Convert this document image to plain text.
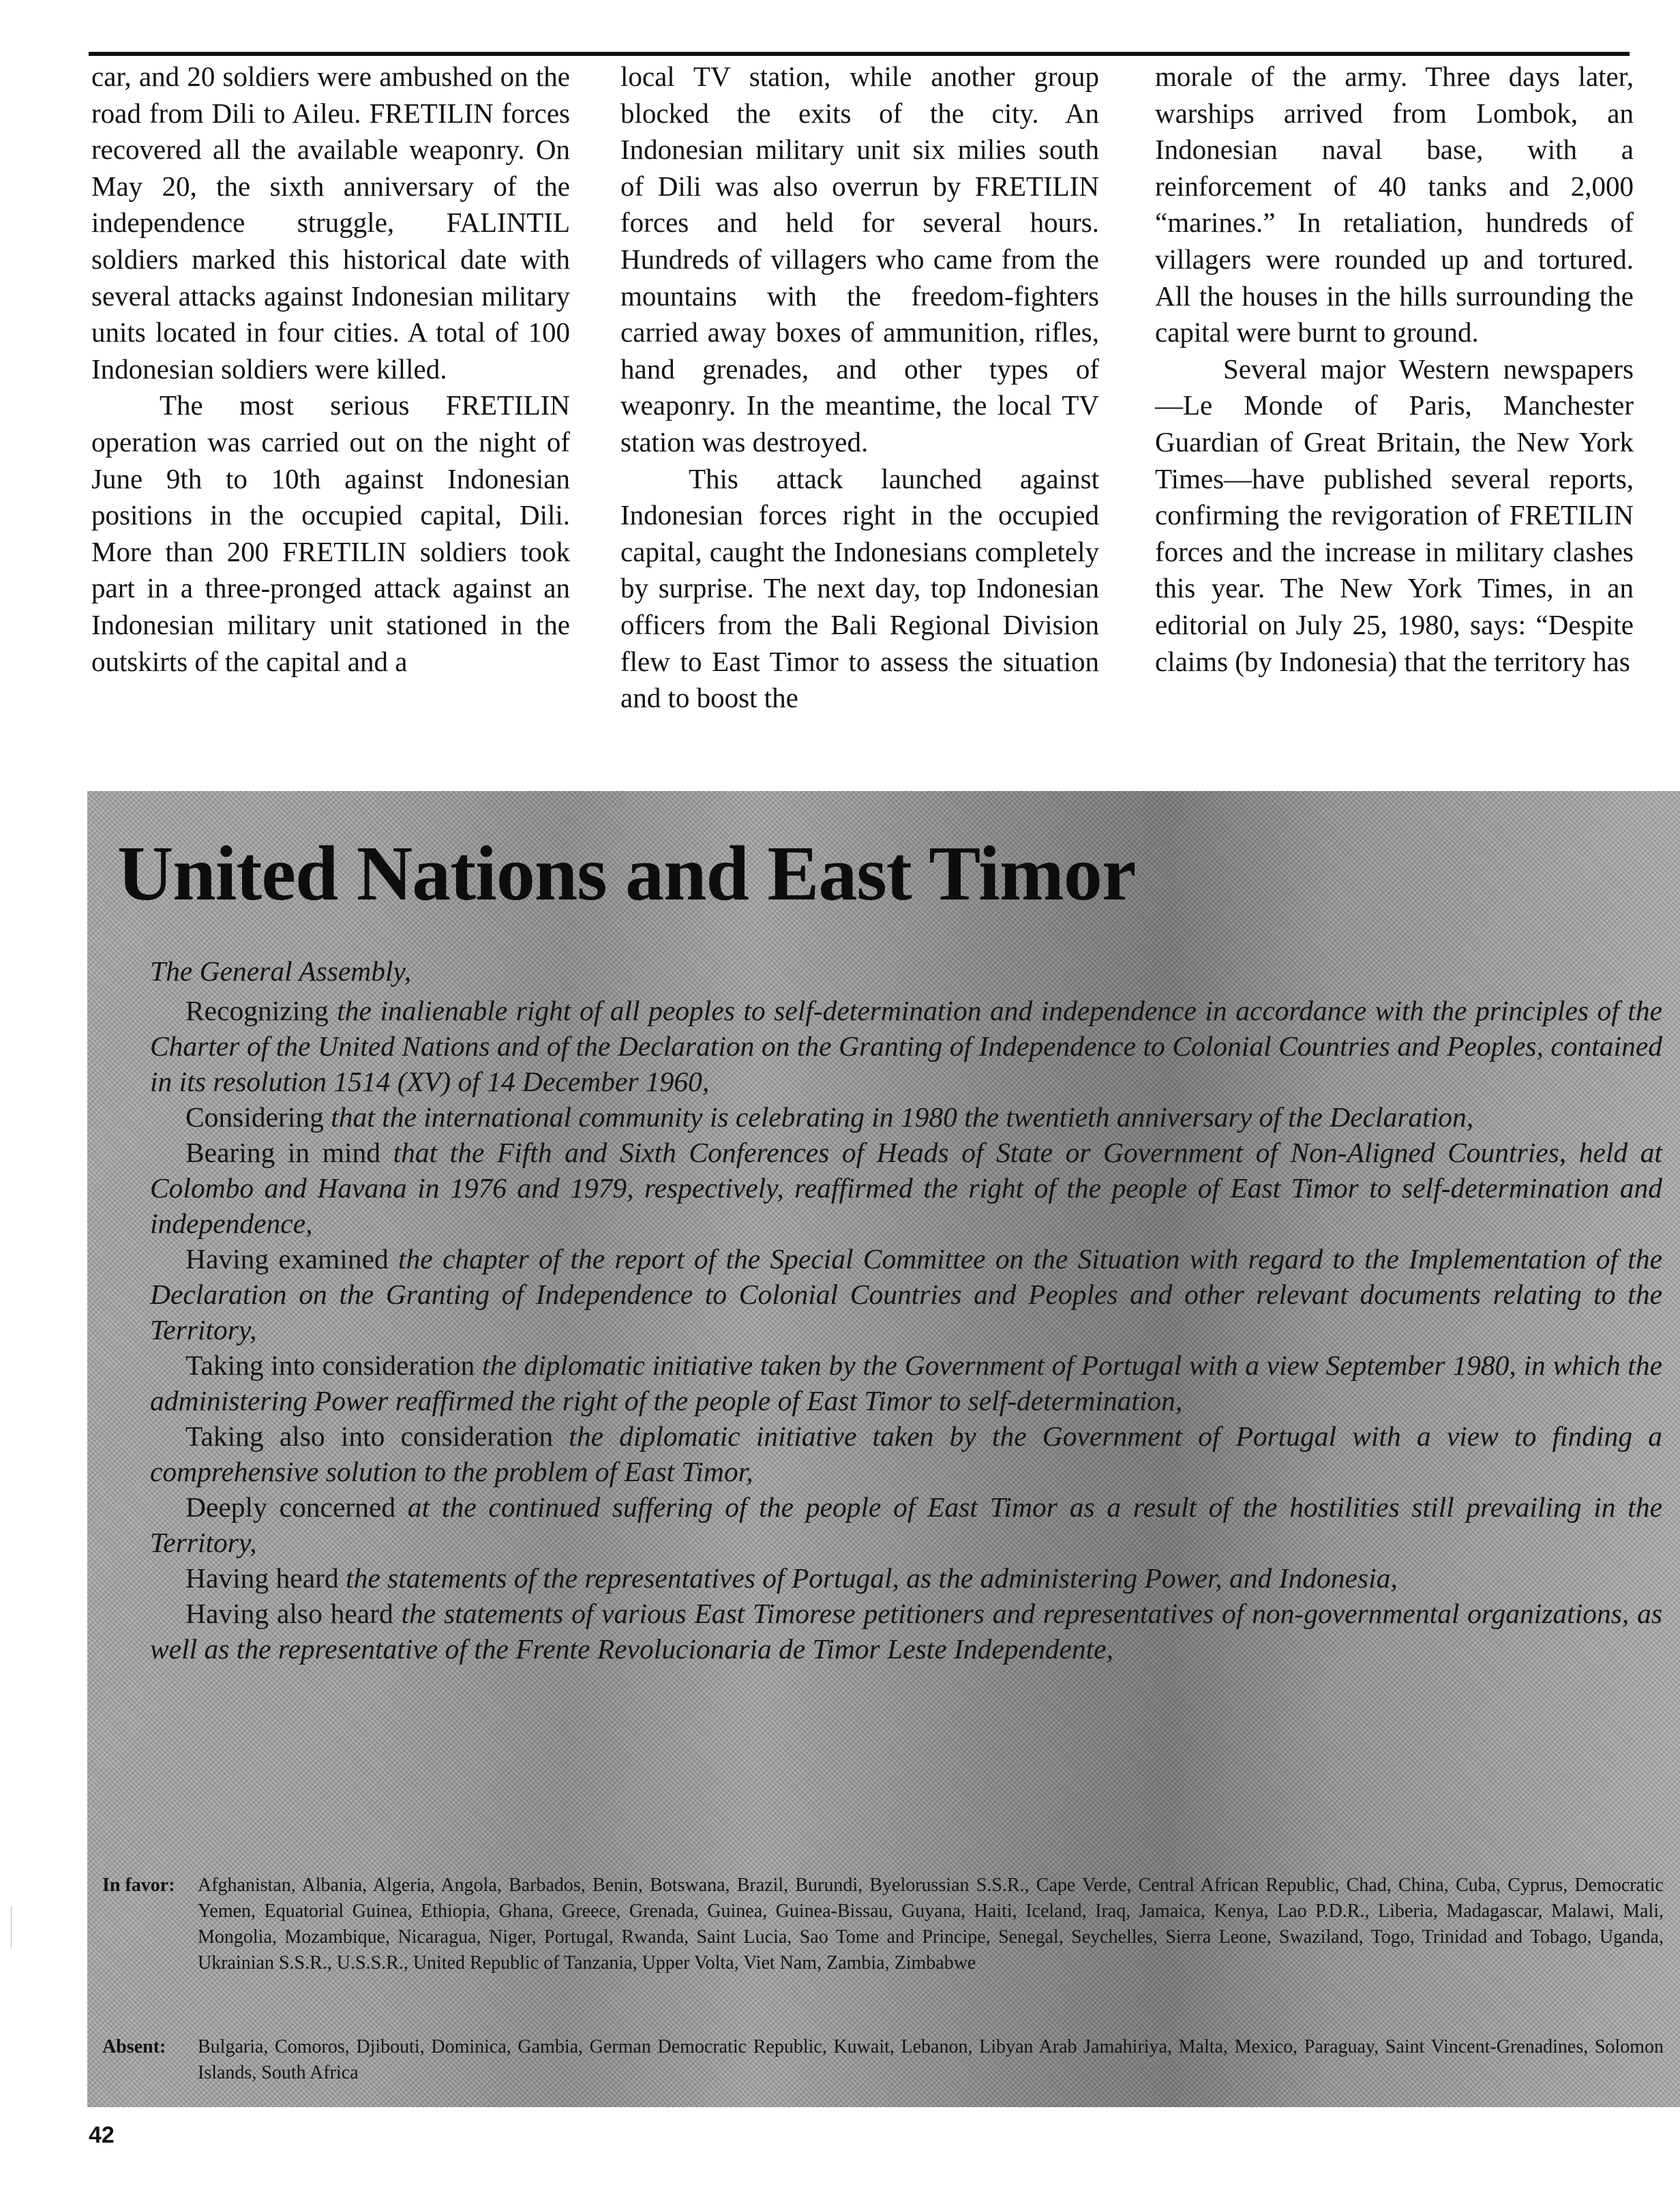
car, and 20 soldiers were ambushed on the road from Dili to Aileu. FRETILIN forces recovered all the available weaponry. On May 20, the sixth anniversary of the independence struggle, FALINTIL soldiers marked this historical date with several attacks against Indonesian military units located in four cities. A total of 100 Indonesian soldiers were killed.

The most serious FRETILIN operation was carried out on the night of June 9th to 10th against Indonesian positions in the occupied capital, Dili. More than 200 FRETILIN soldiers took part in a three-pronged attack against an Indonesian military unit stationed in the outskirts of the capital and a

local TV station, while another group blocked the exits of the city. An Indonesian military unit six milies south of Dili was also overrun by FRETILIN forces and held for several hours. Hundreds of villagers who came from the mountains with the freedom-fighters carried away boxes of ammunition, rifles, hand grenades, and other types of weaponry. In the meantime, the local TV station was destroyed.

This attack launched against Indonesian forces right in the occupied capital, caught the Indonesians completely by surprise. The next day, top Indonesian officers from the Bali Regional Division flew to East Timor to assess the situation and to boost the

morale of the army. Three days later, warships arrived from Lombok, an Indonesian naval base, with a reinforcement of 40 tanks and 2,000 “marines.” In retaliation, hundreds of villagers were rounded up and tortured. All the houses in the hills surrounding the capital were burnt to ground.

Several major Western newspapers—Le Monde of Paris, Manchester Guardian of Great Britain, the New York Times—have published several reports, confirming the revigoration of FRETILIN forces and the increase in military clashes this year. The New York Times, in an editorial on July 25, 1980, says: “Despite claims (by Indonesia) that the territory has

United Nations and East Timor

The General Assembly,

Recognizing the inalienable right of all peoples to self-determination and independence in accordance with the principles of the Charter of the United Nations and of the Declaration on the Granting of Independence to Colonial Countries and Peoples, contained in its resolution 1514 (XV) of 14 December 1960,

Considering that the international community is celebrating in 1980 the twentieth anniversary of the Declaration,

Bearing in mind that the Fifth and Sixth Conferences of Heads of State or Government of Non-Aligned Countries, held at Colombo and Havana in 1976 and 1979, respectively, reaffirmed the right of the people of East Timor to self-determination and independence,

Having examined the chapter of the report of the Special Committee on the Situation with regard to the Implementation of the Declaration on the Granting of Independence to Colonial Countries and Peoples and other relevant documents relating to the Territory,

Taking into consideration the diplomatic initiative taken by the Government of Portugal with a view September 1980, in which the administering Power reaffirmed the right of the people of East Timor to self-determination,

Taking also into consideration the diplomatic initiative taken by the Government of Portugal with a view to finding a comprehensive solution to the problem of East Timor,

Deeply concerned at the continued suffering of the people of East Timor as a result of the hostilities still prevailing in the Territory,

Having heard the statements of the representatives of Portugal, as the administering Power, and Indonesia,

Having also heard the statements of various East Timorese petitioners and representatives of non-governmental organizations, as well as the representative of the Frente Revolucionaria de Timor Leste Independente,

In favor:	Afghanistan, Albania, Algeria, Angola, Barbados, Benin, Botswana, Brazil, Burundi, Byelorussian S.S.R., Cape Verde, Central African Republic, Chad, China, Cuba, Cyprus, Democratic Yemen, Equatorial Guinea, Ethiopia, Ghana, Greece, Grenada, Guinea, Guinea-Bissau, Guyana, Haiti, Iceland, Iraq, Jamaica, Kenya, Lao P.D.R., Liberia, Madagascar, Malawi, Mali, Mongolia, Mozambique, Nicaragua, Niger, Portugal, Rwanda, Saint Lucia, Sao Tome and Principe, Senegal, Seychelles, Sierra Leone, Swaziland, Togo, Trinidad and Tobago, Uganda, Ukrainian S.S.R., U.S.S.R., United Republic of Tanzania, Upper Volta, Viet Nam, Zambia, Zimbabwe
Absent:	Bulgaria, Comoros, Djibouti, Dominica, Gambia, German Democratic Republic, Kuwait, Lebanon, Libyan Arab Jamahiriya, Malta, Mexico, Paraguay, Saint Vincent-Grenadines, Solomon Islands, South Africa

42
